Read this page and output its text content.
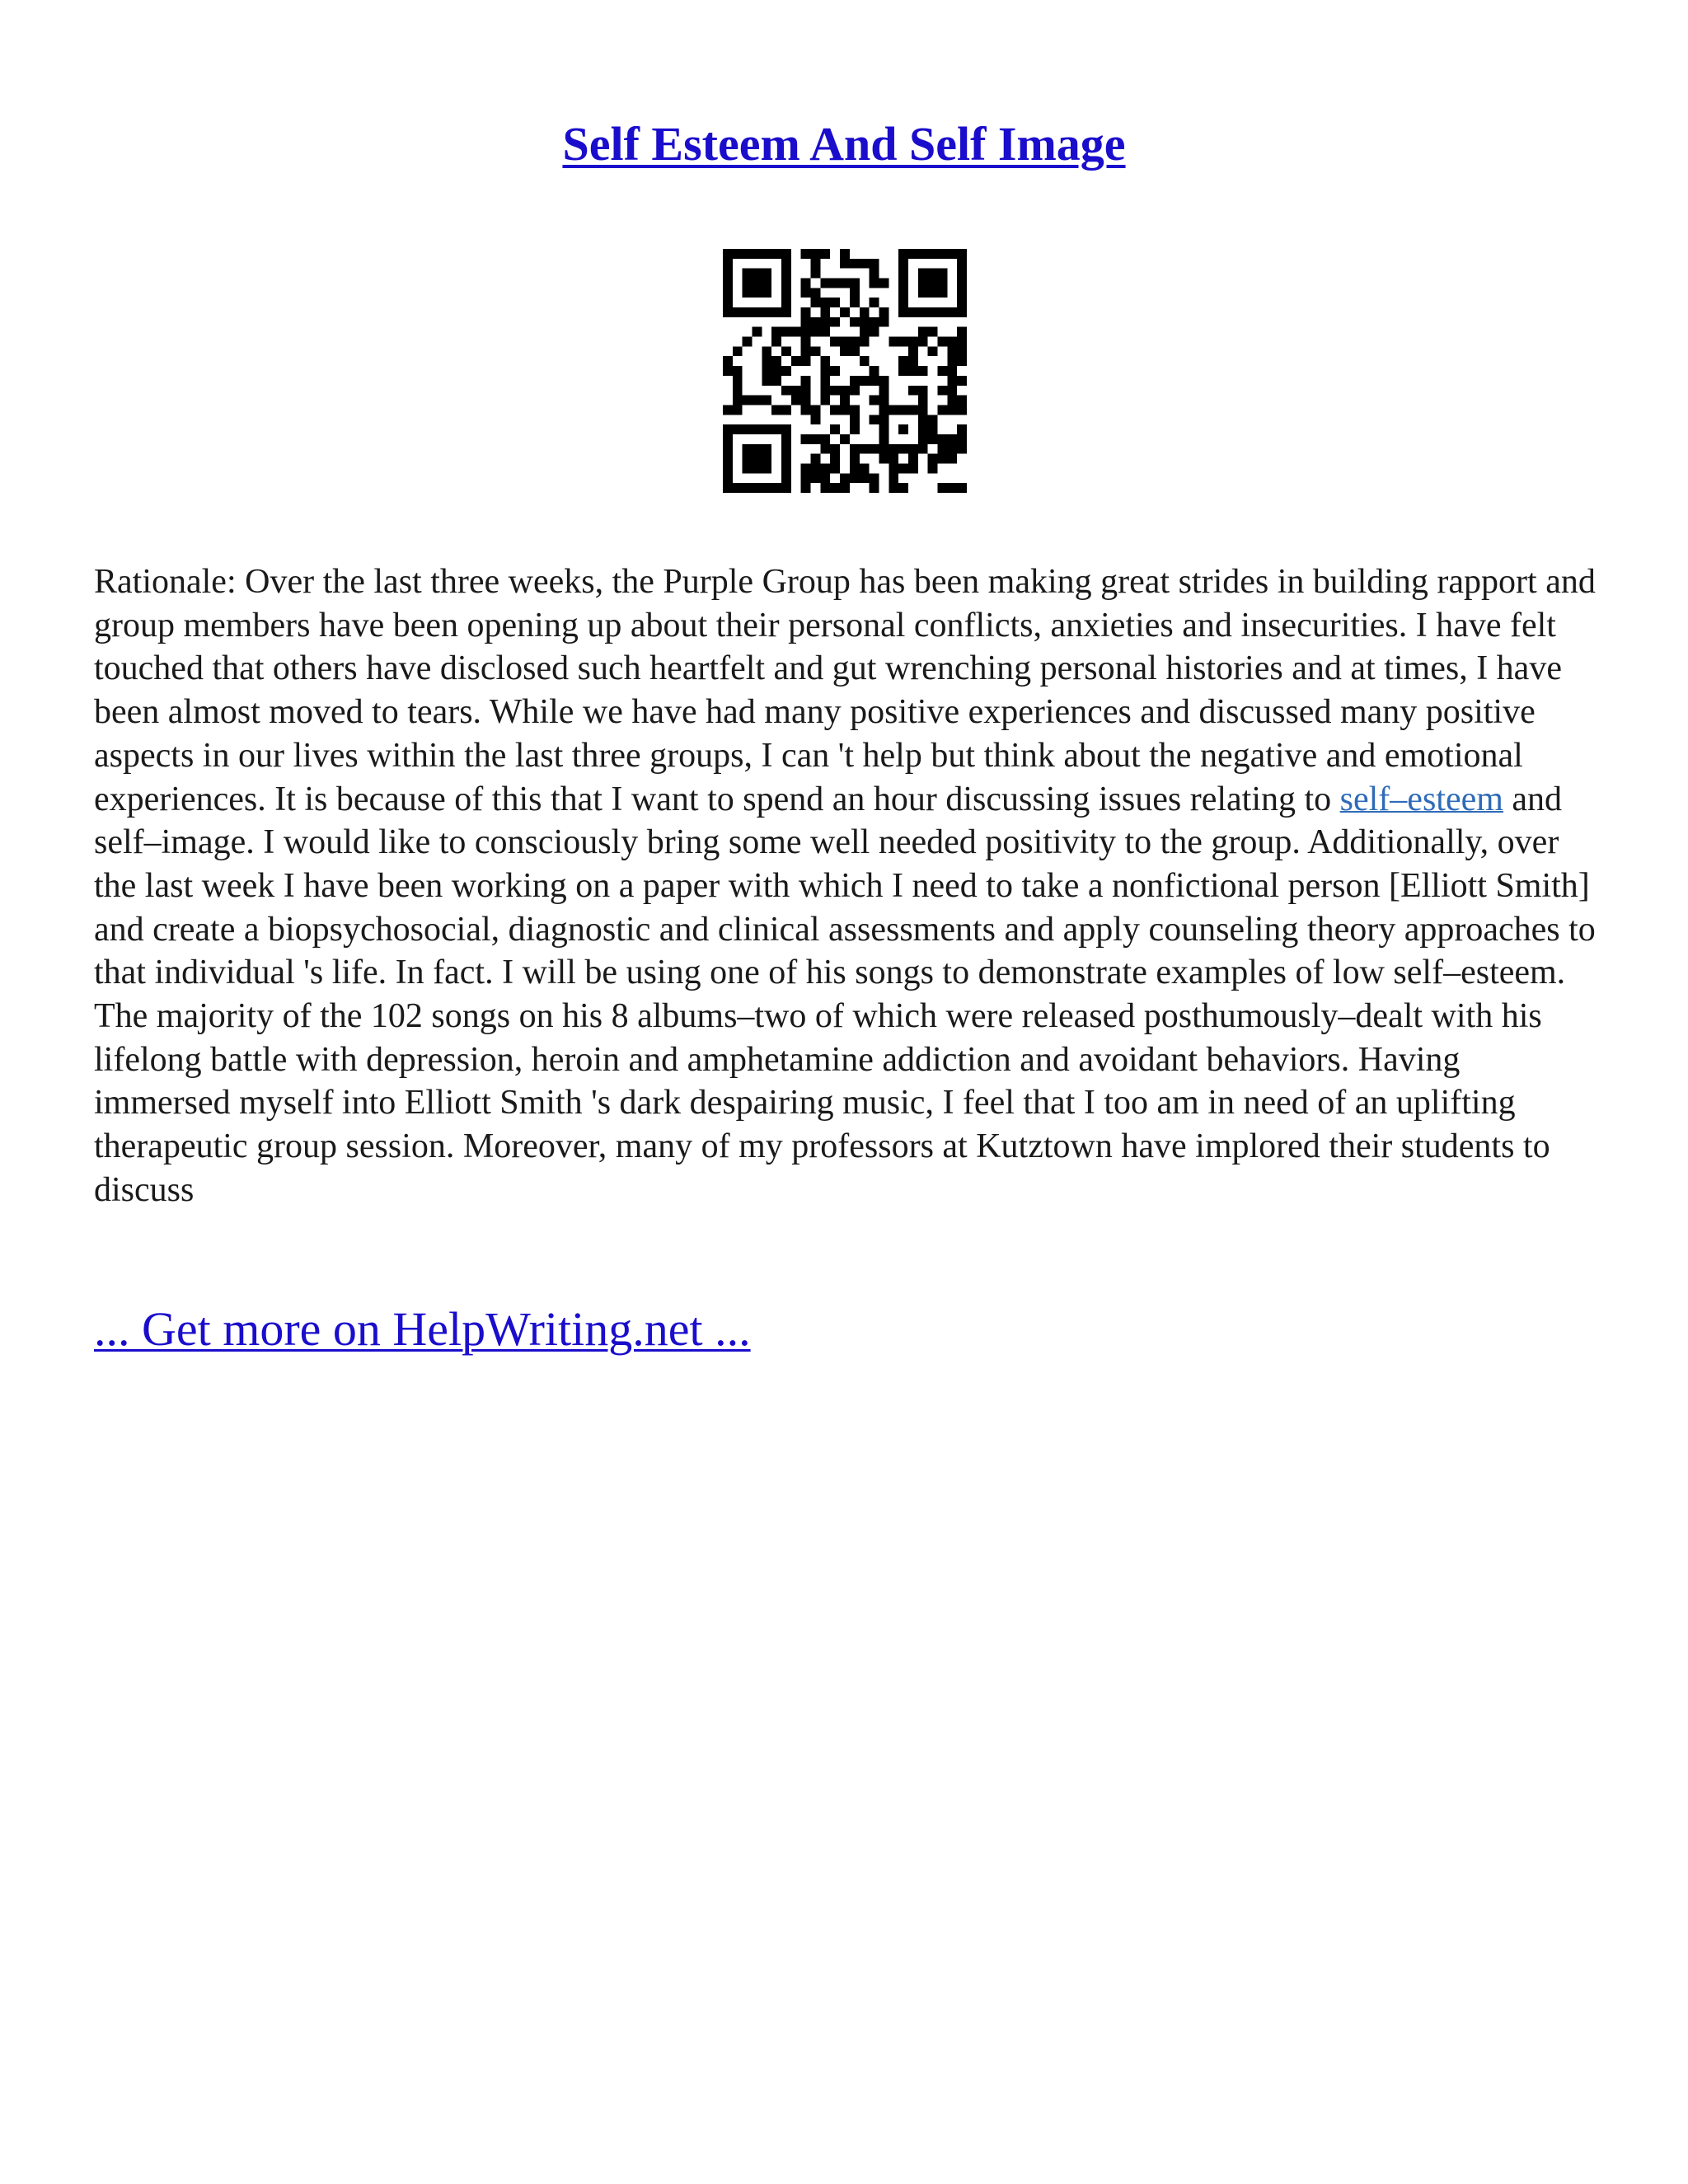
Self Esteem And Self Image

Rationale: Over the last three weeks, the Purple Group has been making great strides in building rapport and group members have been opening up about their personal conflicts, anxieties and insecurities. I have felt touched that others have disclosed such heartfelt and gut wrenching personal histories and at times, I have been almost moved to tears. While we have had many positive experiences and discussed many positive aspects in our lives within the last three groups, I can 't help but think about the negative and emotional experiences. It is because of this that I want to spend an hour discussing issues relating to self–esteem and self–image. I would like to consciously bring some well needed positivity to the group. Additionally, over the last week I have been working on a paper with which I need to take a nonfictional person [Elliott Smith] and create a biopsychosocial, diagnostic and clinical assessments and apply counseling theory approaches to that individual 's life. In fact. I will be using one of his songs to demonstrate examples of low self–esteem. The majority of the 102 songs on his 8 albums–two of which were released posthumously–dealt with his lifelong battle with depression, heroin and amphetamine addiction and avoidant behaviors. Having immersed myself into Elliott Smith 's dark despairing music, I feel that I too am in need of an uplifting therapeutic group session. Moreover, many of my professors at Kutztown have implored their students to discuss

... Get more on HelpWriting.net ...
